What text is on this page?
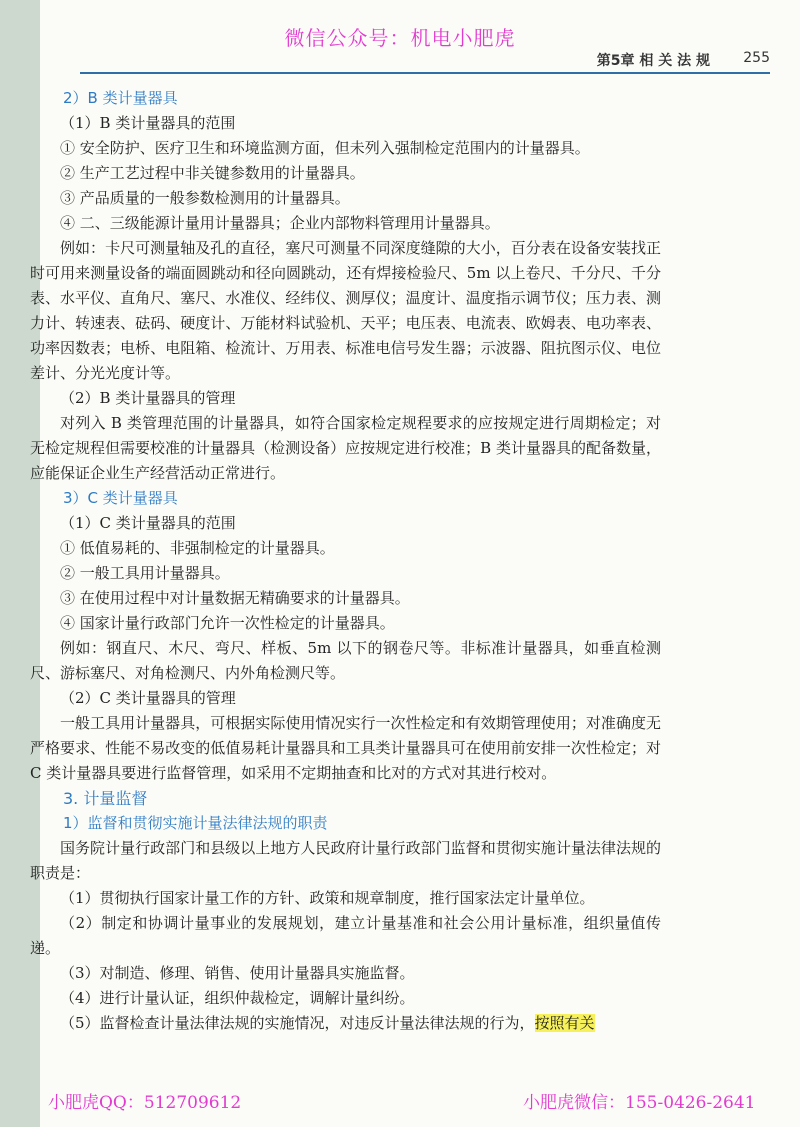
微信公众号：机电小肥虎
第5章 相 关 法 规 255
2）B 类计量器具
（1）B 类计量器具的范围
① 安全防护、医疗卫生和环境监测方面，但未列入强制检定范围内的计量器具。
② 生产工艺过程中非关键参数用的计量器具。
③ 产品质量的一般参数检测用的计量器具。
④ 二、三级能源计量用计量器具；企业内部物料管理用计量器具。

例如：卡尺可测量轴及孔的直径，塞尺可测量不同深度缝隙的大小，百分表在设备安装找正时可用来测量设备的端面圆跳动和径向圆跳动，还有焊接检验尺、5m 以上卷尺、千分尺、千分表、水平仪、直角尺、塞尺、水准仪、经纬仪、测厚仪；温度计、温度指示调节仪；压力表、测力计、转速表、砝码、硬度计、万能材料试验机、天平；电压表、电流表、欧姆表、电功率表、功率因数表；电桥、电阻箱、检流计、万用表、标准电信号发生器；示波器、阻抗图示仪、电位差计、分光光度计等。

（2）B 类计量器具的管理

对列入 B 类管理范围的计量器具，如符合国家检定规程要求的应按规定进行周期检定；对无检定规程但需要校准的计量器具（检测设备）应按规定进行校准；B 类计量器具的配备数量，应能保证企业生产经营活动正常进行。

3）C 类计量器具
（1）C 类计量器具的范围
① 低值易耗的、非强制检定的计量器具。
② 一般工具用计量器具。
③ 在使用过程中对计量数据无精确要求的计量器具。
④ 国家计量行政部门允许一次性检定的计量器具。

例如：钢直尺、木尺、弯尺、样板、5m 以下的钢卷尺等。非标准计量器具，如垂直检测尺、游标塞尺、对角检测尺、内外角检测尺等。

（2）C 类计量器具的管理

一般工具用计量器具，可根据实际使用情况实行一次性检定和有效期管理使用；对准确度无严格要求、性能不易改变的低值易耗计量器具和工具类计量器具可在使用前安排一次性检定；对 C 类计量器具要进行监督管理，如采用不定期抽查和比对的方式对其进行校对。

3. 计量监督
1）监督和贯彻实施计量法律法规的职责

国务院计量行政部门和县级以上地方人民政府计量行政部门监督和贯彻实施计量法律法规的职责是：

（1）贯彻执行国家计量工作的方针、政策和规章制度，推行国家法定计量单位。

（2）制定和协调计量事业的发展规划，建立计量基准和社会公用计量标准，组织量值传递。

（3）对制造、修理、销售、使用计量器具实施监督。

（4）进行计量认证，组织仲裁检定，调解计量纠纷。

（5）监督检查计量法律法规的实施情况，对违反计量法律法规的行为，按照有关

小肥虎QQ：512709612	小肥虎微信：155-0426-2641
